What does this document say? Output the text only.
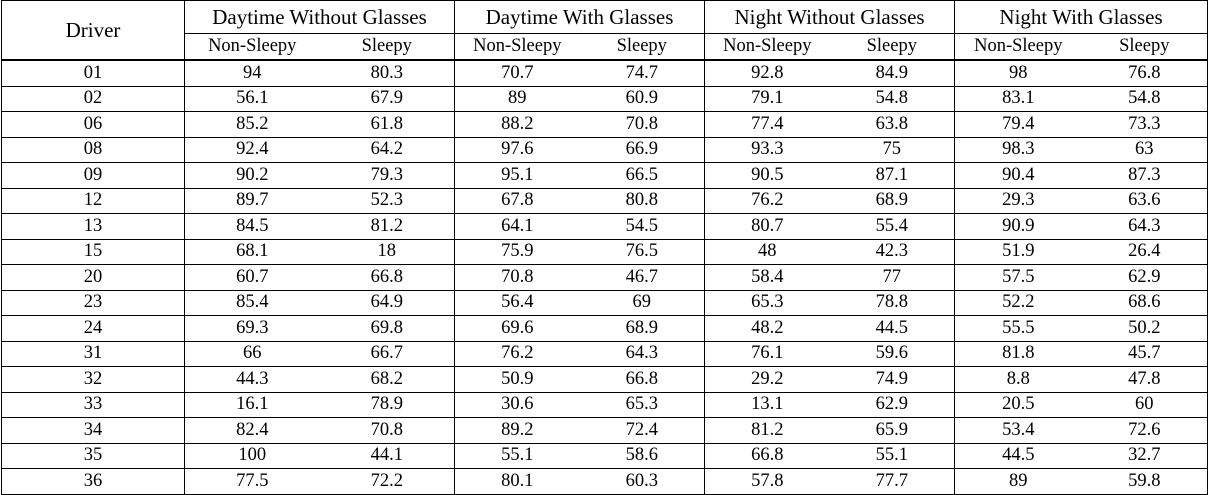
Driver	Daytime Without Glasses		Daytime With Glasses		Night Without Glasses		Night With Glasses	
	Non-Sleepy	Sleepy	Non-Sleepy	Sleepy	Non-Sleepy	Sleepy	Non-Sleepy	Sleepy
01	94	80.3	70.7	74.7	92.8	84.9	98	76.8
02	56.1	67.9	89	60.9	79.1	54.8	83.1	54.8
06	85.2	61.8	88.2	70.8	77.4	63.8	79.4	73.3
08	92.4	64.2	97.6	66.9	93.3	75	98.3	63
09	90.2	79.3	95.1	66.5	90.5	87.1	90.4	87.3
12	89.7	52.3	67.8	80.8	76.2	68.9	29.3	63.6
13	84.5	81.2	64.1	54.5	80.7	55.4	90.9	64.3
15	68.1	18	75.9	76.5	48	42.3	51.9	26.4
20	60.7	66.8	70.8	46.7	58.4	77	57.5	62.9
23	85.4	64.9	56.4	69	65.3	78.8	52.2	68.6
24	69.3	69.8	69.6	68.9	48.2	44.5	55.5	50.2
31	66	66.7	76.2	64.3	76.1	59.6	81.8	45.7
32	44.3	68.2	50.9	66.8	29.2	74.9	8.8	47.8
33	16.1	78.9	30.6	65.3	13.1	62.9	20.5	60
34	82.4	70.8	89.2	72.4	81.2	65.9	53.4	72.6
35	100	44.1	55.1	58.6	66.8	55.1	44.5	32.7
36	77.5	72.2	80.1	60.3	57.8	77.7	89	59.8
